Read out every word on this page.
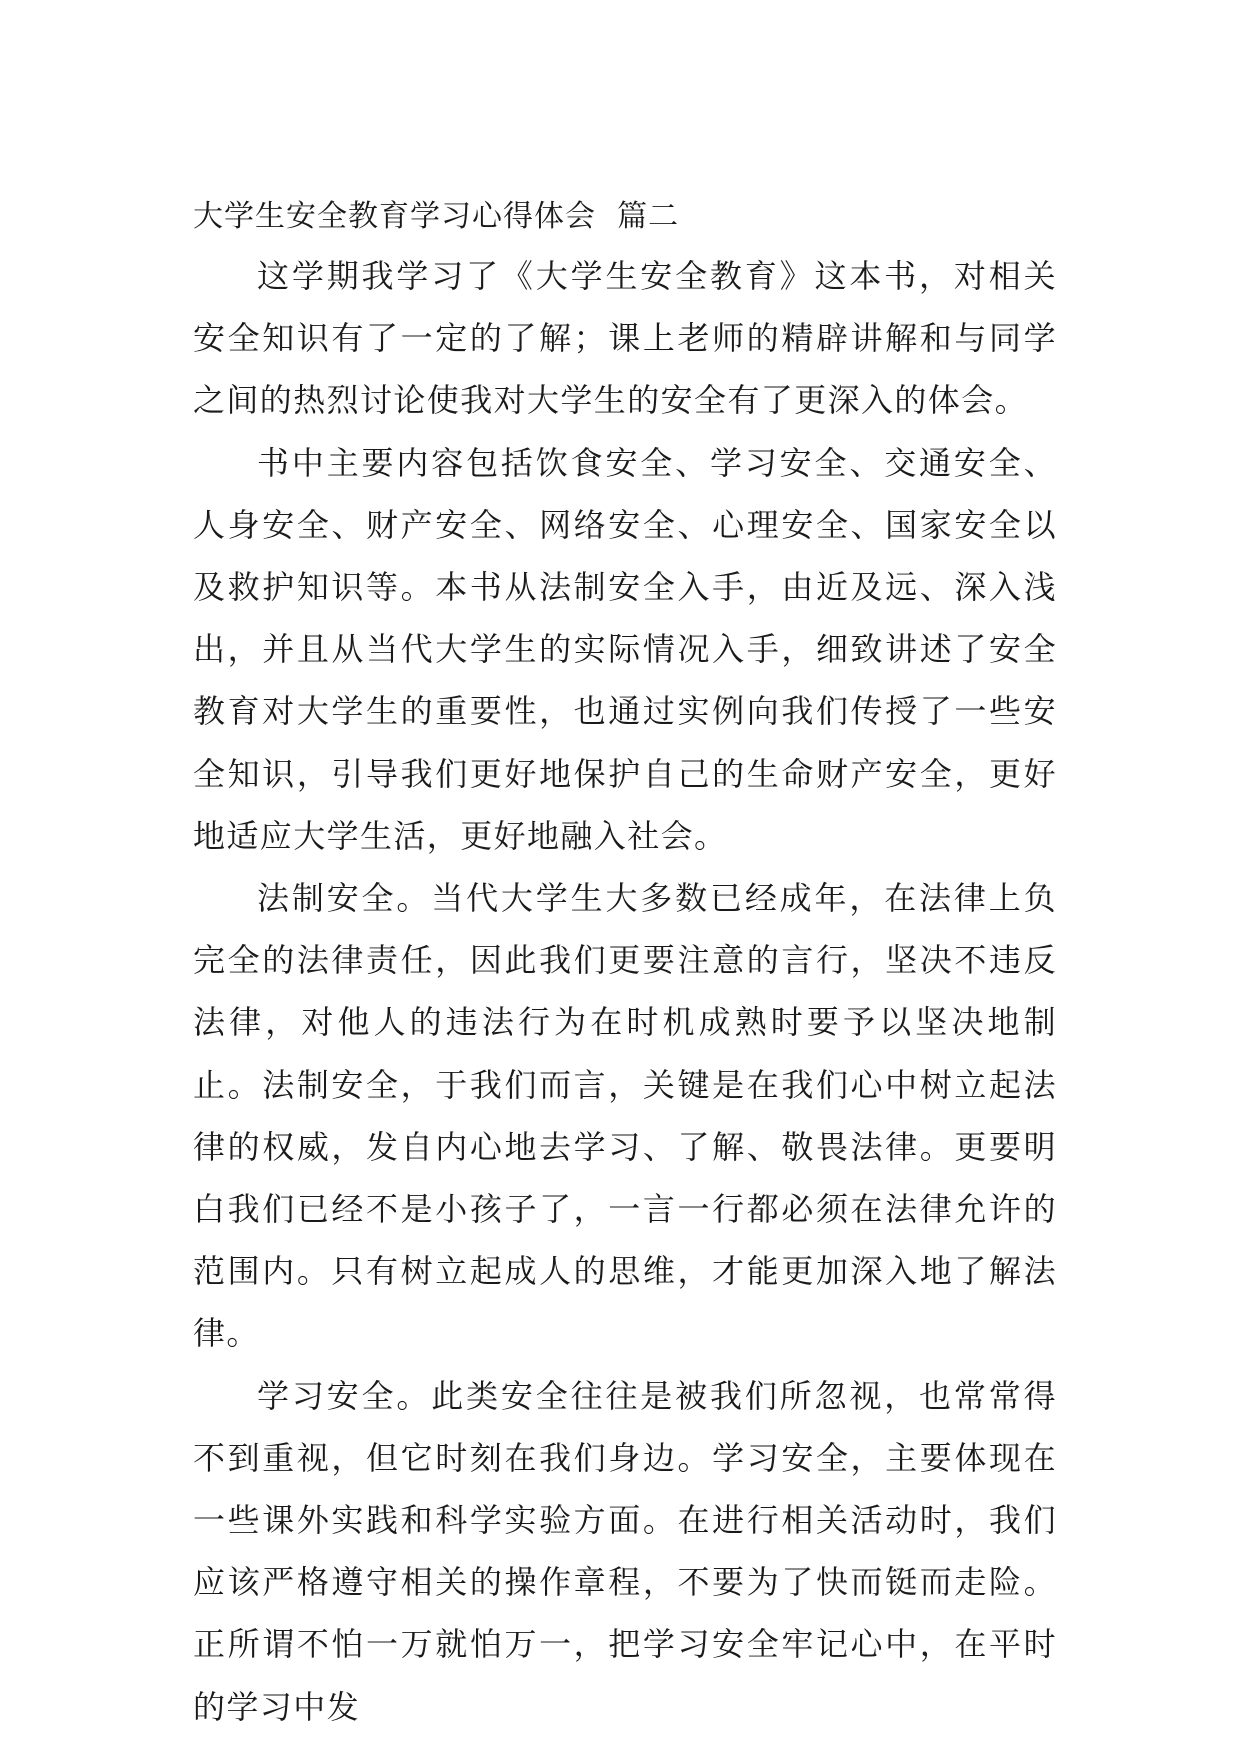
大学生安全教育学习心得体会  篇二

这学期我学习了《大学生安全教育》这本书，对相关安全知识有了一定的了解；课上老师的精辟讲解和与同学之间的热烈讨论使我对大学生的安全有了更深入的体会。

书中主要内容包括饮食安全、学习安全、交通安全、人身安全、财产安全、网络安全、心理安全、国家安全以及救护知识等。本书从法制安全入手，由近及远、深入浅出，并且从当代大学生的实际情况入手，细致讲述了安全教育对大学生的重要性，也通过实例向我们传授了一些安全知识，引导我们更好地保护自己的生命财产安全，更好地适应大学生活，更好地融入社会。

法制安全。当代大学生大多数已经成年，在法律上负完全的法律责任，因此我们更要注意的言行，坚决不违反法律，对他人的违法行为在时机成熟时要予以坚决地制止。法制安全，于我们而言，关键是在我们心中树立起法律的权威，发自内心地去学习、了解、敬畏法律。更要明白我们已经不是小孩子了，一言一行都必须在法律允许的范围内。只有树立起成人的思维，才能更加深入地了解法律。

学习安全。此类安全往往是被我们所忽视，也常常得不到重视，但它时刻在我们身边。学习安全，主要体现在一些课外实践和科学实验方面。在进行相关活动时，我们应该严格遵守相关的操作章程，不要为了快而铤而走险。正所谓不怕一万就怕万一，把学习安全牢记心中，在平时的学习中发
